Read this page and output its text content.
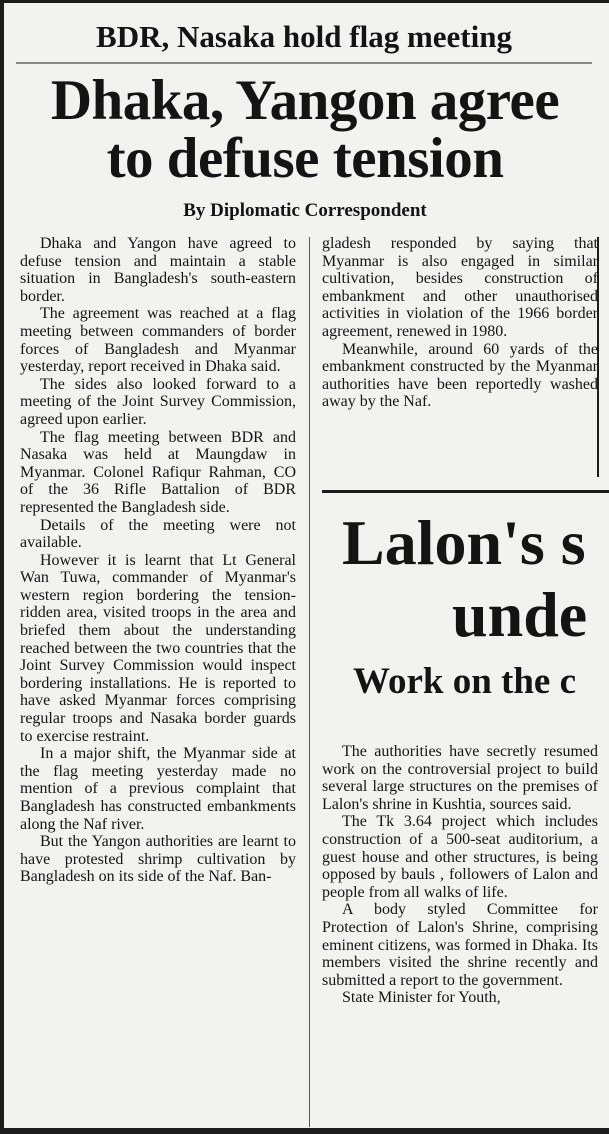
BDR, Nasaka hold flag meeting
Dhaka, Yangon agree
to defuse tension
By Diplomatic Correspondent

Dhaka and Yangon have agreed to defuse tension and maintain a stable situation in Bangladesh's south-eastern border.

The agreement was reached at a flag meeting between commanders of border forces of Bangladesh and Myanmar yesterday, report received in Dhaka said.

The sides also looked forward to a meeting of the Joint Survey Commission, agreed upon earlier.

The flag meeting between BDR and Nasaka was held at Maungdaw in Myanmar. Colonel Rafiqur Rahman, CO of the 36 Rifle Battalion of BDR represented the Bangladesh side.

Details of the meeting were not available.

However it is learnt that Lt General Wan Tuwa, commander of Myanmar's western region bordering the tension-ridden area, visited troops in the area and briefed them about the understanding reached between the two countries that the Joint Survey Commission would inspect bordering installations. He is reported to have asked Myanmar forces comprising regular troops and Nasaka border guards to exercise restraint.

In a major shift, the Myanmar side at the flag meeting yesterday made no mention of a previous complaint that Bangladesh has constructed embankments along the Naf river.

But the Yangon authorities are learnt to have protested shrimp cultivation by Bangladesh on its side of the Naf. Ban-

gladesh responded by saying that Myanmar is also engaged in similar cultivation, besides construction of embankment and other unauthorised activities in violation of the 1966 border agreement, renewed in 1980.

Meanwhile, around 60 yards of the embankment constructed by the Myanmar authorities have been reportedly washed away by the Naf.

Lalon's s
unde
Work on the c

The authorities have secretly resumed work on the controversial project to build several large structures on the premises of Lalon's shrine in Kushtia, sources said.

The Tk 3.64 project which includes construction of a 500-seat auditorium, a guest house and other structures, is being opposed by bauls , followers of Lalon and people from all walks of life.

A body styled Committee for Protection of Lalon's Shrine, comprising eminent citizens, was formed in Dhaka. Its members visited the shrine recently and submitted a report to the government.

State Minister for Youth,
